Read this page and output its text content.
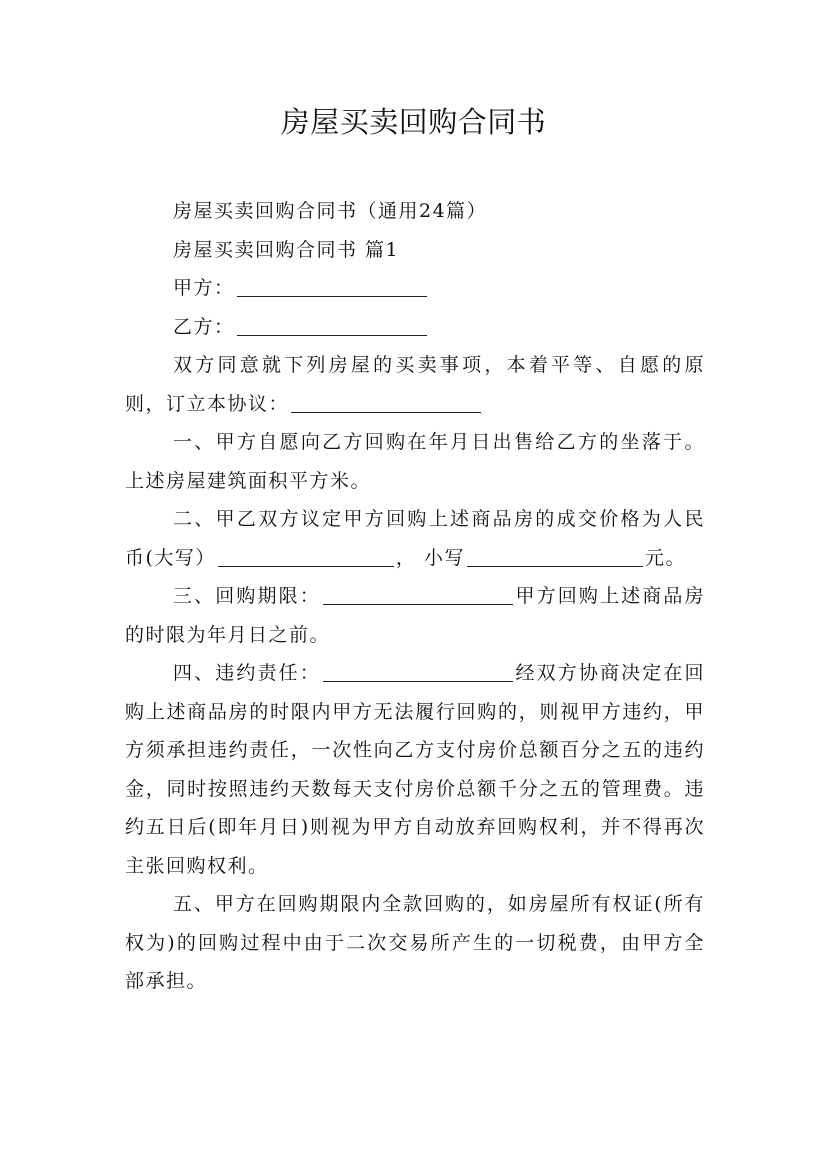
房屋买卖回购合同书

房屋买卖回购合同书（通用24篇）

房屋买卖回购合同书 篇1

甲方：

乙方：

双方同意就下列房屋的买卖事项，本着平等、自愿的原则，订立本协议：

一、甲方自愿向乙方回购在年月日出售给乙方的坐落于。上述房屋建筑面积平方米。

二、甲乙双方议定甲方回购上述商品房的成交价格为人民币(大写）	， 小写	元。

三、回购期限：	甲方回购上述商品房的时限为年月日之前。

四、违约责任：	经双方协商决定在回购上述商品房的时限内甲方无法履行回购的，则视甲方违约，甲方须承担违约责任，一次性向乙方支付房价总额百分之五的违约金，同时按照违约天数每天支付房价总额千分之五的管理费。违约五日后(即年月日)则视为甲方自动放弃回购权利，并不得再次主张回购权利。

五、甲方在回购期限内全款回购的，如房屋所有权证(所有权为)的回购过程中由于二次交易所产生的一切税费，由甲方全部承担。
